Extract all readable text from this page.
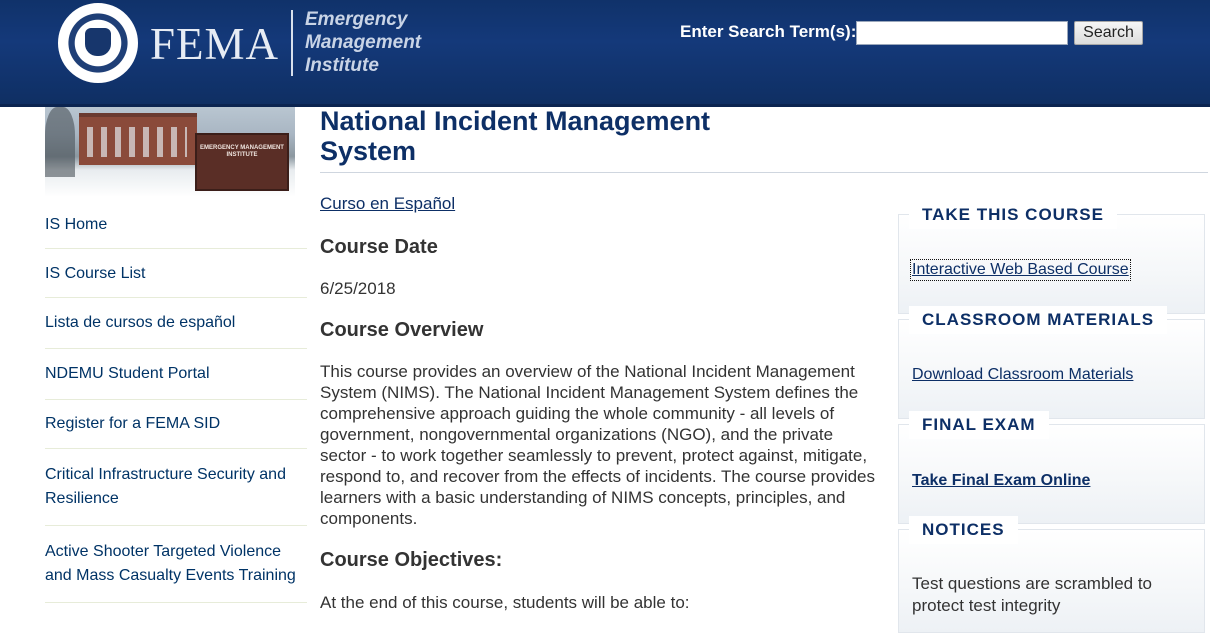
FEMA Emergency
Management
Institute
Enter Search Term(s):	Search
EMERGENCY MANAGEMENT
INSTITUTE
IS Home
IS Course List
Lista de cursos de español
NDEMU Student Portal
Register for a FEMA SID
Critical Infrastructure Security and Resilience
Active Shooter Targeted Violence and Mass Casualty Events Training
National Incident Management
System
Curso en Español
Course Date
6/25/2018
Course Overview
This course provides an overview of the National Incident Management System (NIMS). The National Incident Management System defines the comprehensive approach guiding the whole community - all levels of government, nongovernmental organizations (NGO), and the private sector - to work together seamlessly to prevent, protect against, mitigate, respond to, and recover from the effects of incidents. The course provides learners with a basic understanding of NIMS concepts, principles, and components.
Course Objectives:
At the end of this course, students will be able to:
TAKE THIS COURSE
Interactive Web Based Course
CLASSROOM MATERIALS
Download Classroom Materials
FINAL EXAM
Take Final Exam Online
NOTICES
Test questions are scrambled to protect test integrity
